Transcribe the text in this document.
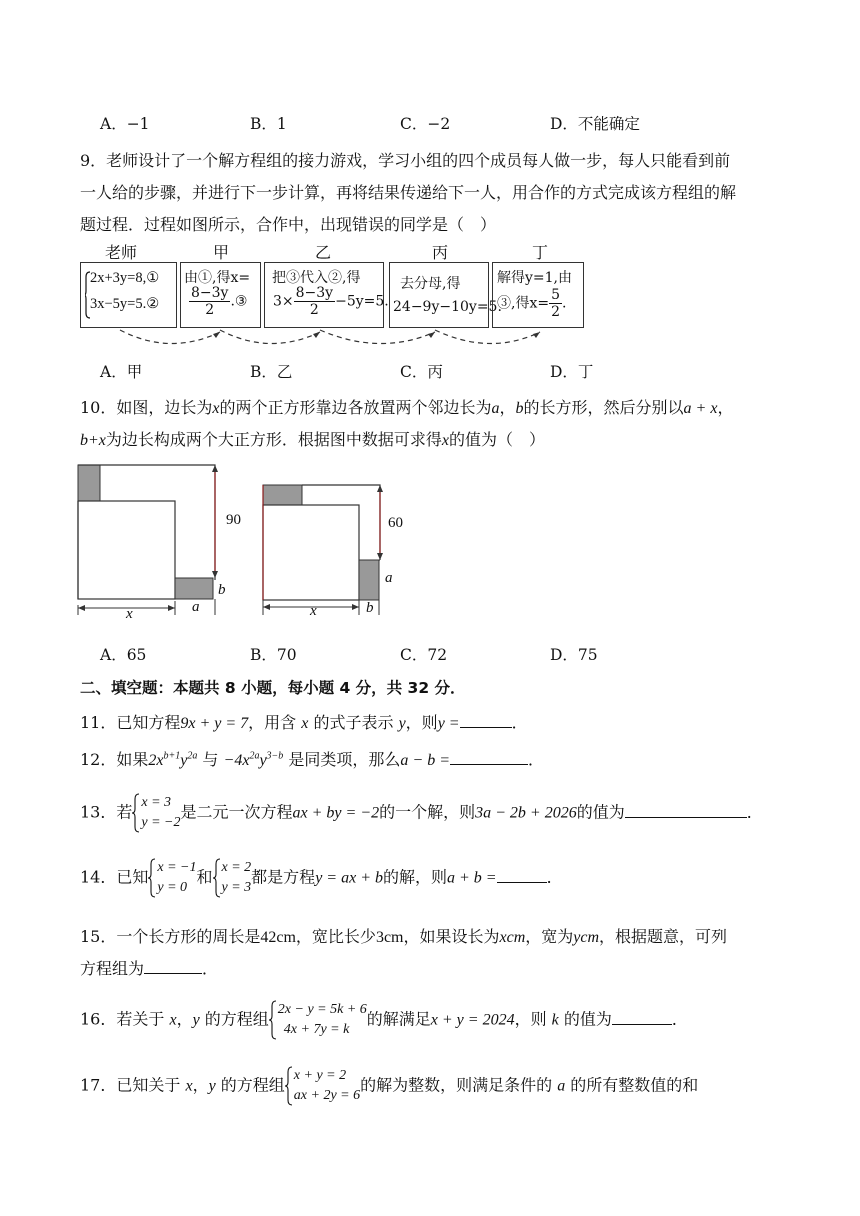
A．−1	B．1	C．−2	D．不能确定
9．老师设计了一个解方程组的接力游戏，学习小组的四个成员每人做一步，每人只能看到前
一人给的步骤，并进行下一步计算，再将结果传递给下一人，用合作的方式完成该方程组的解
题过程．过程如图所示，合作中，出现错误的同学是（　）
老师	甲	乙	丙	丁
2x+3y=8,①
3x−5y=5.②
由①,得x=
$\frac{8-3y}{2}$ .③
把③代入②,得
$3\times \frac{8-3y}{2} -5y=5$.
去分母,得
24−9y−10y=5.
解得y=1,由
③,得$x= \frac{5}{2}$ .
A．甲	B．乙	C．丙	D．丁
10．如图，边长为x的两个正方形靠边各放置两个邻边长为a，b的长方形，然后分别以a + x，
b+x为边长构成两个大正方形．根据图中数据可求得x的值为（　）
90
b
x	a
60
a
x	b
A．65	B．70	C．72	D．75
二、填空题：本题共 8 小题，每小题 4 分，共 32 分．
11．已知方程9x + y = 7，用含 x 的式子表示 y，则y =	．
12．如果$2x^{b+1}y^{2a}$ 与 $-4x^{2a}y^{3-b}$ 是同类项，那么a − b =	．
13．若 x = 3
y = −2
是二元一次方程ax + by = −2的一个解，则3a − 2b + 2026的值为	．
14．已知 x = −1
y = 0
和 x = 2
y = 3
都是方程y = ax + b的解，则a + b =	．
15．一个长方形的周长是42cm，宽比长少3cm，如果设长为xcm，宽为ycm，根据题意，可列
方程组为	．
16．若关于 x，y 的方程组 2x − y = 5k + 6
4x + 7y = k
的解满足x + y = 2024，则 k 的值为	．
17．已知关于 x，y 的方程组 x + y = 2
ax + 2y = 6
的解为整数，则满足条件的 a 的所有整数值的和
